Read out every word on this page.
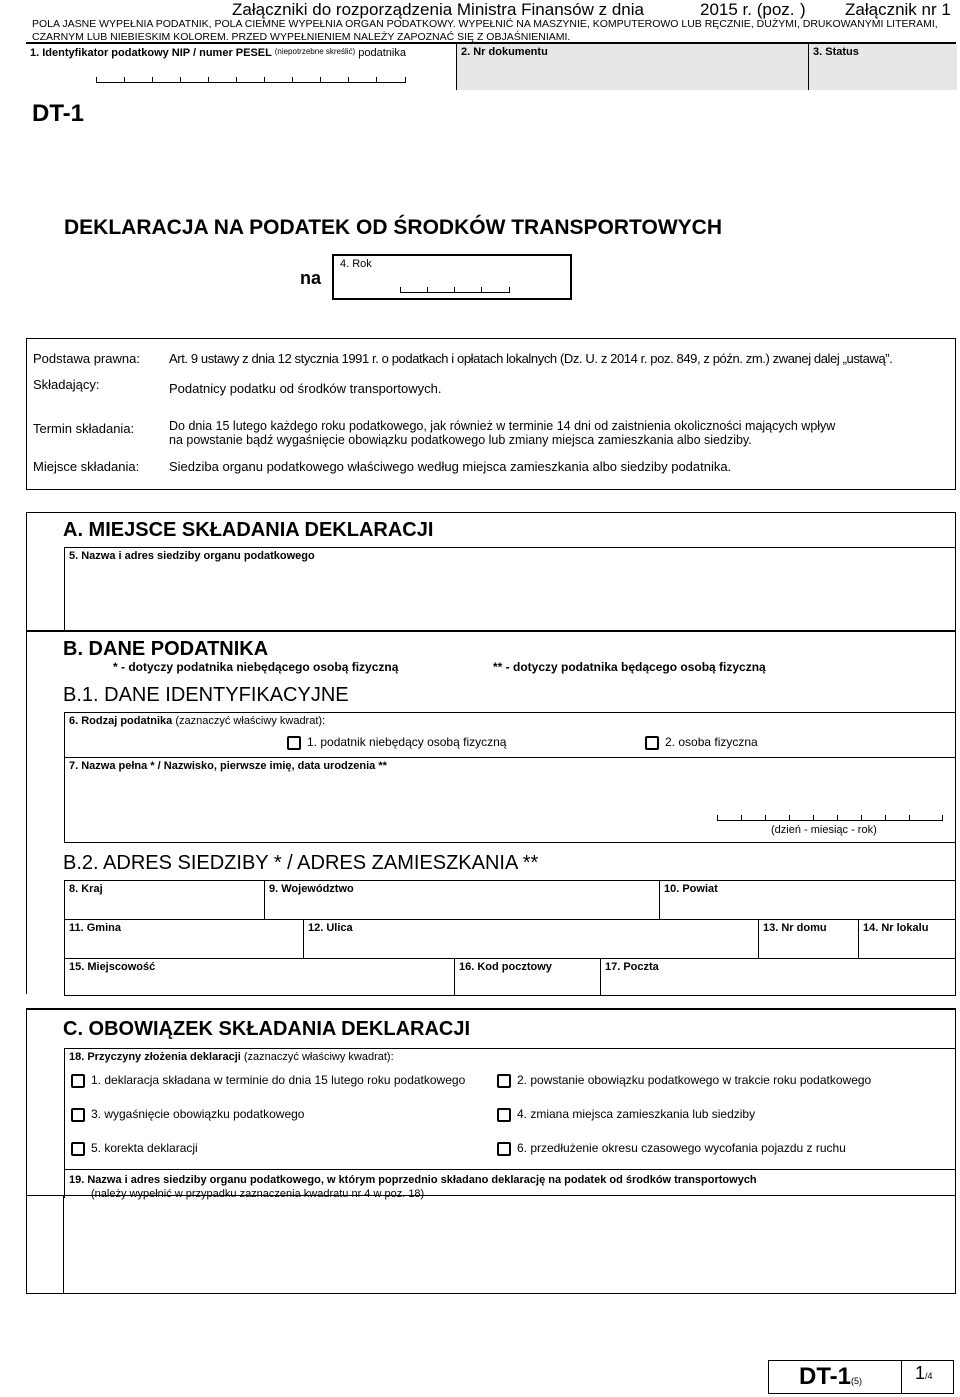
Załączniki do rozporządzenia Ministra Finansów z dnia	2015 r. (poz. ) Załącznik nr 1
POLA JASNE WYPEŁNIA PODATNIK, POLA CIEMNE WYPEŁNIA ORGAN PODATKOWY. WYPEŁNIĆ NA MASZYNIE, KOMPUTEROWO LUB RĘCZNIE, DUŻYMI, DRUKOWANYMI LITERAMI,
CZARNYM LUB NIEBIESKIM KOLOREM. PRZED WYPEŁNIENIEM NALEŻY ZAPOZNAĆ SIĘ Z OBJAŚNIENIAMI.
1. Identyfikator podatkowy NIP / numer PESEL $^{(niepotrzebne skreślić)}$ podatnika	2. Nr dokumentu	3. Status
DT-1
DEKLARACJA NA PODATEK OD ŚRODKÓW TRANSPORTOWYCH
na
4. Rok
Podstawa prawna: Art. 9 ustawy z dnia 12 stycznia 1991 r. o podatkach i opłatach lokalnych (Dz. U. z 2014 r. poz. 849, z późn. zm.) zwanej dalej „ustawą”.
Składający:	Podatnicy podatku od środków transportowych.
Termin składania:	Do dnia 15 lutego każdego roku podatkowego, jak również w terminie 14 dni od zaistnienia okoliczności mających wpływ
na powstanie bądź wygaśnięcie obowiązku podatkowego lub zmiany miejsca zamieszkania albo siedziby.
Miejsce składania: Siedziba organu podatkowego właściwego według miejsca zamieszkania albo siedziby podatnika.
A. MIEJSCE SKŁADANIA DEKLARACJI
5. Nazwa i adres siedziby organu podatkowego
B. DANE PODATNIKA
* - dotyczy podatnika niebędącego osobą fizyczną	** - dotyczy podatnika będącego osobą fizyczną
B.1. DANE IDENTYFIKACYJNE
6. Rodzaj podatnika (zaznaczyć właściwy kwadrat):
1. podatnik niebędący osobą fizyczną	2. osoba fizyczna
7. Nazwa pełna * / Nazwisko, pierwsze imię, data urodzenia **
(dzień - miesiąc - rok)
B.2. ADRES SIEDZIBY * / ADRES ZAMIESZKANIA **
8. Kraj	9. Województwo	10. Powiat
11. Gmina	12. Ulica	13. Nr domu	14. Nr lokalu
15. Miejscowość	16. Kod pocztowy	17. Poczta
C. OBOWIĄZEK SKŁADANIA DEKLARACJI
18. Przyczyny złożenia deklaracji (zaznaczyć właściwy kwadrat):
1. deklaracja składana w terminie do dnia 15 lutego roku podatkowego	2. powstanie obowiązku podatkowego w trakcie roku podatkowego
3. wygaśnięcie obowiązku podatkowego	4. zmiana miejsca zamieszkania lub siedziby
5. korekta deklaracji	6. przedłużenie okresu czasowego wycofania pojazdu z ruchu
19. Nazwa i adres siedziby organu podatkowego, w którym poprzednio składano deklarację na podatek od środków transportowych
(należy wypełnić w przypadku zaznaczenia kwadratu nr 4 w poz. 18)
DT-1(5)	1/4
